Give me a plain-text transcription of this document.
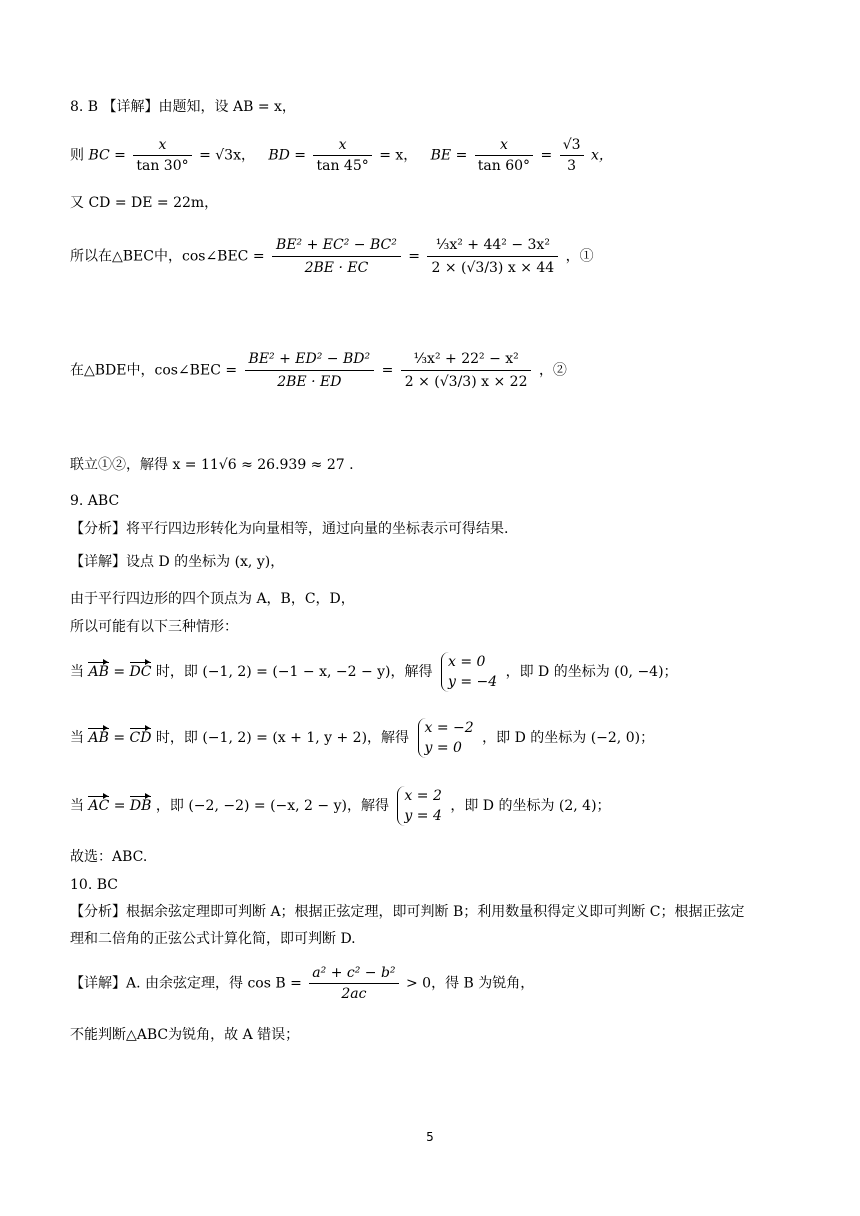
8. B 【详解】由题知，设 AB = x，
则 BC = $\frac{x}{\tan 30^\circ} = √3x$， BD = $\frac{x}{\tan 45^\circ} = x$， BE = $\frac{x}{\tan 60^\circ} = \frac{√3}{3}$ x，
又 CD = DE = 22m，
所以在△BEC中，cos∠BEC = $\frac{\text{BE² + EC² − BC²}}{2BE \cdot EC} = \frac{\text{⅓x² + 44² − 3x²}}{2 \times (√3/3) x \times 44}$ ，①
在△BDE中，cos∠BEC = $\frac{\text{BE² + ED² − BD²}}{2BE \cdot ED} = \frac{\text{⅓x² + 22² − x²}}{2 \times (√3/3) x \times 22}$ ，②
联立①②，解得 x = 11√6 ≈ 26.939 ≈ 27 .
9. ABC
【分析】将平行四边形转化为向量相等，通过向量的坐标表示可得结果.
【详解】设点 D 的坐标为 (x, y)，
由于平行四边形的四个顶点为 A，B，C，D，
所以可能有以下三种情形：
当 AB = DC 时，即 (−1, 2) = (−1 − x, −2 − y)，解得
x = 0
y = −4
，即 D 的坐标为 (0, −4)；
当 AB = CD 时，即 (−1, 2) = (x + 1, y + 2)，解得
x = −2
y = 0
，即 D 的坐标为 (−2, 0)；
当 AC = DB ，即 (−2, −2) = (−x, 2 − y)，解得
x = 2
y = 4
，即 D 的坐标为 (2, 4)；
故选：ABC.
10. BC
【分析】根据余弦定理即可判断 A；根据正弦定理，即可判断 B；利用数量积得定义即可判断 C；根据正弦定
理和二倍角的正弦公式计算化简，即可判断 D.
【详解】A. 由余弦定理，得 $\cos B = \frac{\text{a² + c² − b²}}{2ac} > 0$，得 B 为锐角，
不能判断△ABC为锐角，故 A 错误；
5
